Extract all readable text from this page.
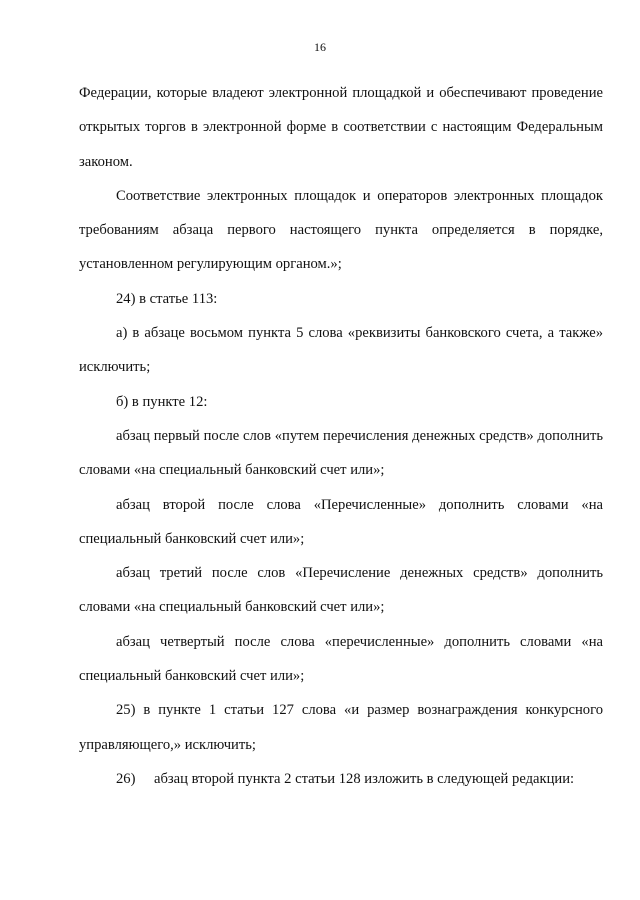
16

Федерации, которые владеют электронной площадкой и обеспечивают проведение открытых торгов в электронной форме в соответствии с настоящим Федеральным законом.

Соответствие электронных площадок и операторов электронных площадок требованиям абзаца первого настоящего пункта определяется в порядке, установленном регулирующим органом.»;

24) в статье 113:

а) в абзаце восьмом пункта 5 слова «реквизиты банковского счета, а также» исключить;

б) в пункте 12:

абзац первый после слов «путем перечисления денежных средств» дополнить словами «на специальный банковский счет или»;

абзац второй после слова «Перечисленные» дополнить словами «на специальный банковский счет или»;

абзац третий после слов «Перечисление денежных средств» дополнить словами «на специальный банковский счет или»;

абзац четвертый после слова «перечисленные» дополнить словами «на специальный банковский счет или»;

25) в пункте 1 статьи 127 слова «и размер вознаграждения конкурсного управляющего,» исключить;

26) абзац второй пункта 2 статьи 128 изложить в следующей редакции:
